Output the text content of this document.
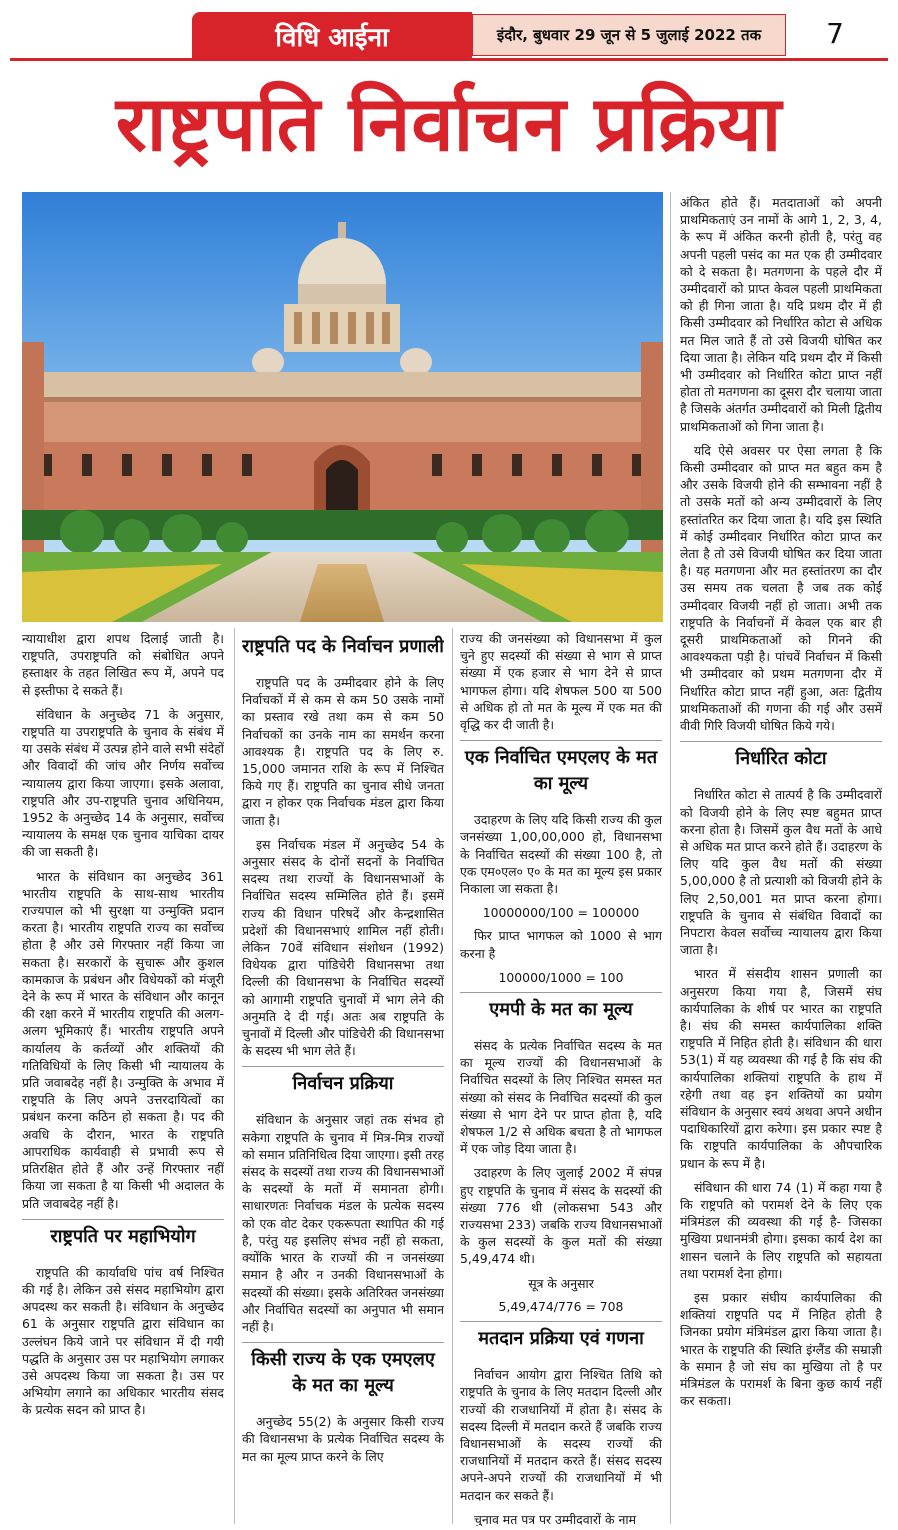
विधि आईना	इंदौर, बुधवार 29 जून से 5 जुलाई 2022 तक	7
राष्ट्रपति निर्वाचन प्रक्रिया

न्यायाधीश द्वारा शपथ दिलाई जाती है। राष्ट्रपति, उपराष्ट्रपति को संबोधित अपने हस्ताक्षर के तहत लिखित रूप में, अपने पद से इस्तीफा दे सकते हैं।

संविधान के अनुच्छेद 71 के अनुसार, राष्ट्रपति या उपराष्ट्रपति के चुनाव के संबंध में या उसके संबंध में उत्पन्न होने वाले सभी संदेहों और विवादों की जांच और निर्णय सर्वोच्च न्यायालय द्वारा किया जाएगा। इसके अलावा, राष्ट्रपति और उप-राष्ट्रपति चुनाव अधिनियम, 1952 के अनुच्छेद 14 के अनुसार, सर्वोच्च न्यायालय के समक्ष एक चुनाव याचिका दायर की जा सकती है।

भारत के संविधान का अनुच्छेद 361 भारतीय राष्ट्रपति के साथ-साथ भारतीय राज्यपाल को भी सुरक्षा या उन्मुक्ति प्रदान करता है। भारतीय राष्ट्रपति राज्य का सर्वोच्च होता है और उसे गिरफ्तार नहीं किया जा सकता है। सरकारों के सुचारू और कुशल कामकाज के प्रबंधन और विधेयकों को मंजूरी देने के रूप में भारत के संविधान और कानून की रक्षा करने में भारतीय राष्ट्रपति की अलग-अलग भूमिकाएं हैं। भारतीय राष्ट्रपति अपने कार्यालय के कर्तव्यों और शक्तियों की गतिविधियों के लिए किसी भी न्यायालय के प्रति जवाबदेह नहीं है। उन्मुक्ति के अभाव में राष्ट्रपति के लिए अपने उत्तरदायित्वों का प्रबंधन करना कठिन हो सकता है। पद की अवधि के दौरान, भारत के राष्ट्रपति आपराधिक कार्यवाही से प्रभावी रूप से प्रतिरक्षित होते हैं और उन्हें गिरफ्तार नहीं किया जा सकता है या किसी भी अदालत के प्रति जवाबदेह नहीं है।

राष्ट्रपति पर महाभियोग

राष्ट्रपति की कार्यावधि पांच वर्ष निश्चित की गई है। लेकिन उसे संसद महाभियोग द्वारा अपदस्थ कर सकती है। संविधान के अनुच्छेद 61 के अनुसार राष्ट्रपति द्वारा संविधान का उल्लंघन किये जाने पर संविधान में दी गयी पद्धति के अनुसार उस पर महाभियोग लगाकर उसे अपदस्थ किया जा सकता है। उस पर अभियोग लगाने का अधिकार भारतीय संसद के प्रत्येक सदन को प्राप्त है।

राष्ट्रपति पद के निर्वाचन प्रणाली

राष्ट्रपति पद के उम्मीदवार होने के लिए निर्वाचकों में से कम से कम 50 उसके नामों का प्रस्ताव रखे तथा कम से कम 50 निर्वाचकों का उनके नाम का समर्थन करना आवश्यक है। राष्ट्रपति पद के लिए रु. 15,000 जमानत राशि के रूप में निश्चित किये गए हैं। राष्ट्रपति का चुनाव सीधे जनता द्वारा न होकर एक निर्वाचक मंडल द्वारा किया जाता है।

इस निर्वाचक मंडल में अनुच्छेद 54 के अनुसार संसद के दोनों सदनों के निर्वाचित सदस्य तथा राज्यों के विधानसभाओं के निर्वाचित सदस्य सम्मिलित होते हैं। इसमें राज्य की विधान परिषदें और केन्द्रशासित प्रदेशों की विधानसभाएं शामिल नहीं होती। लेकिन 70वें संविधान संशोधन (1992) विधेयक द्वारा पांडिचेरी विधानसभा तथा दिल्ली की विधानसभा के निर्वाचित सदस्यों को आगामी राष्ट्रपति चुनावों में भाग लेने की अनुमति दे दी गई। अतः अब राष्ट्रपति के चुनावों में दिल्ली और पांडिचेरी की विधानसभा के सदस्य भी भाग लेते हैं।

निर्वाचन प्रक्रिया

संविधान के अनुसार जहां तक संभव हो सकेगा राष्ट्रपति के चुनाव में मित्र-मित्र राज्यों को समान प्रतिनिधित्व दिया जाएगा। इसी तरह संसद के सदस्यों तथा राज्य की विधानसभाओं के सदस्यों के मतों में समानता होगी। साधारणतः निर्वाचक मंडल के प्रत्येक सदस्य को एक वोट देकर एकरूपता स्थापित की गई है, परंतु यह इसलिए संभव नहीं हो सकता, क्योंकि भारत के राज्यों की न जनसंख्या समान है और न उनकी विधानसभाओं के सदस्यों की संख्या। इसके अतिरिक्त जनसंख्या और निर्वाचित सदस्यों का अनुपात भी समान नहीं है।

किसी राज्य के एक एमएलए के मत का मूल्य

अनुच्छेद 55(2) के अनुसार किसी राज्य की विधानसभा के प्रत्येक निर्वाचित सदस्य के मत का मूल्य प्राप्त करने के लिए

राज्य की जनसंख्या को विधानसभा में कुल चुने हुए सदस्यों की संख्या से भाग से प्राप्त संख्या में एक हजार से भाग देने से प्राप्त भागफल होगा। यदि शेषफल 500 या 500 से अधिक हो तो मत के मूल्य में एक मत की वृद्धि कर दी जाती है।

एक निर्वाचित एमएलए के मत का मूल्य

उदाहरण के लिए यदि किसी राज्य की कुल जनसंख्या 1,00,00,000 हो, विधानसभा के निर्वाचित सदस्यों की संख्या 100 है, तो एक एम०एल० ए० के मत का मूल्य इस प्रकार निकाला जा सकता है।

10000000/100 = 100000

फिर प्राप्त भागफल को 1000 से भाग करना है

100000/1000 = 100

एमपी के मत का मूल्य

संसद के प्रत्येक निर्वाचित सदस्य के मत का मूल्य राज्यों की विधानसभाओं के निर्वाचित सदस्यों के लिए निश्चित समस्त मत संख्या को संसद के निर्वाचित सदस्यों की कुल संख्या से भाग देने पर प्राप्त होता है, यदि शेषफल 1/2 से अधिक बचता है तो भागफल में एक जोड़ दिया जाता है।

उदाहरण के लिए जुलाई 2002 में संपन्न हुए राष्ट्रपति के चुनाव में संसद के सदस्यों की संख्या 776 थी (लोकसभा 543 और राज्यसभा 233) जबकि राज्य विधानसभाओं के कुल सदस्यों के कुल मतों की संख्या 5,49,474 थी।

सूत्र के अनुसार

5,49,474/776 = 708

मतदान प्रक्रिया एवं गणना

निर्वाचन आयोग द्वारा निश्चित तिथि को राष्ट्रपति के चुनाव के लिए मतदान दिल्ली और राज्यों की राजधानियों में होता है। संसद के सदस्य दिल्ली में मतदान करते हैं जबकि राज्य विधानसभाओं के सदस्य राज्यों की राजधानियों में मतदान करते हैं। संसद सदस्य अपने-अपने राज्यों की राजधानियों में भी मतदान कर सकते हैं।

चुनाव मत पत्र पर उम्मीदवारों के नाम

अंकित होते हैं। मतदाताओं को अपनी प्राथमिकताएं उन नामों के आगे 1, 2, 3, 4, के रूप में अंकित करनी होती है, परंतु वह अपनी पहली पसंद का मत एक ही उम्मीदवार को दे सकता है। मतगणना के पहले दौर में उम्मीदवारों को प्राप्त केवल पहली प्राथमिकता को ही गिना जाता है। यदि प्रथम दौर में ही किसी उम्मीदवार को निर्धारित कोटा से अधिक मत मिल जाते हैं तो उसे विजयी घोषित कर दिया जाता है। लेकिन यदि प्रथम दौर में किसी भी उम्मीदवार को निर्धारित कोटा प्राप्त नहीं होता तो मतगणना का दूसरा दौर चलाया जाता है जिसके अंतर्गत उम्मीदवारों को मिली द्वितीय प्राथमिकताओं को गिना जाता है।

यदि ऐसे अवसर पर ऐसा लगता है कि किसी उम्मीदवार को प्राप्त मत बहुत कम है और उसके विजयी होने की सम्भावना नहीं है तो उसके मतों को अन्य उम्मीदवारों के लिए हस्तांतरित कर दिया जाता है। यदि इस स्थिति में कोई उम्मीदवार निर्धारित कोटा प्राप्त कर लेता है तो उसे विजयी घोषित कर दिया जाता है। यह मतगणना और मत हस्तांतरण का दौर उस समय तक चलता है जब तक कोई उम्मीदवार विजयी नहीं हो जाता। अभी तक राष्ट्रपति के निर्वाचनों में केवल एक बार ही दूसरी प्राथमिकताओं को गिनने की आवश्यकता पड़ी है। पांचवें निर्वाचन में किसी भी उम्मीदवार को प्रथम मतगणना दौर में निर्धारित कोटा प्राप्त नहीं हुआ, अतः द्वितीय प्राथमिकताओं की गणना की गई और उसमें वीवी गिरि विजयी घोषित किये गये।

निर्धारित कोटा

निर्धारित कोटा से तात्पर्य है कि उम्मीदवारों को विजयी होने के लिए स्पष्ट बहुमत प्राप्त करना होता है। जिसमें कुल वैध मतों के आधे से अधिक मत प्राप्त करने होते हैं। उदाहरण के लिए यदि कुल वैध मतों की संख्या 5,00,000 है तो प्रत्याशी को विजयी होने के लिए 2,50,001 मत प्राप्त करना होगा। राष्ट्रपति के चुनाव से संबंधित विवादों का निपटारा केवल सर्वोच्च न्यायालय द्वारा किया जाता है।

भारत में संसदीय शासन प्रणाली का अनुसरण किया गया है, जिसमें संघ कार्यपालिका के शीर्ष पर भारत का राष्ट्रपति है। संघ की समस्त कार्यपालिका शक्ति राष्ट्रपति में निहित होती है। संविधान की धारा 53(1) में यह व्यवस्था की गई है कि संघ की कार्यपालिका शक्तियां राष्ट्रपति के हाथ में रहेगी तथा वह इन शक्तियों का प्रयोग संविधान के अनुसार स्वयं अथवा अपने अधीन पदाधिकारियों द्वारा करेगा। इस प्रकार स्पष्ट है कि राष्ट्रपति कार्यपालिका के औपचारिक प्रधान के रूप में है।

संविधान की धारा 74 (1) में कहा गया है कि राष्ट्रपति को परामर्श देने के लिए एक मंत्रिमंडल की व्यवस्था की गई है- जिसका मुखिया प्रधानमंत्री होगा। इसका कार्य देश का शासन चलाने के लिए राष्ट्रपति को सहायता तथा परामर्श देना होगा।

इस प्रकार संघीय कार्यपालिका की शक्तियां राष्ट्रपति पद में निहित होती है जिनका प्रयोग मंत्रिमंडल द्वारा किया जाता है। भारत के राष्ट्रपति की स्थिति इंग्लैंड की सम्राज्ञी के समान है जो संघ का मुखिया तो है पर मंत्रिमंडल के परामर्श के बिना कुछ कार्य नहीं कर सकता।
